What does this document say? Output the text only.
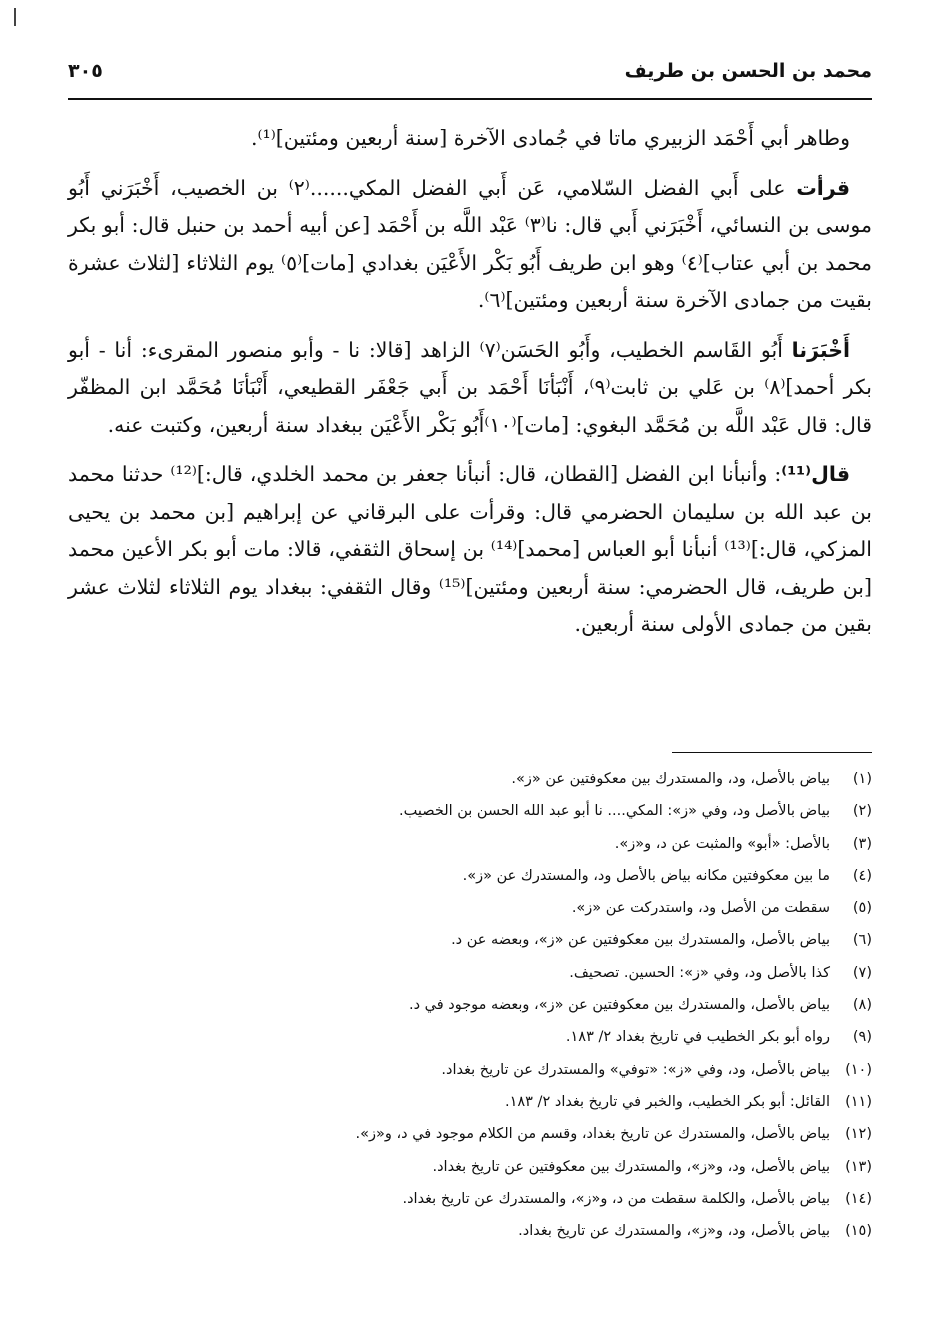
محمد بن الحسن بن طريف
٣٠٥

وطاهر أبي أَحْمَد الزبيري ماتا في جُمادى الآخرة [سنة أربعين ومئتين]⁽¹⁾.

قرأت على أَبي الفضل السّلامي، عَن أَبي الفضل المكي......⁽٢⁾ بن الخصيب، أَخْبَرَني أَبُو موسى بن النسائي، أَخْبَرَني أَبي قال: نا⁽٣⁾ عَبْد اللَّه بن أَحْمَد [عن أبيه أحمد بن حنبل قال: أبو بكر محمد بن أبي عتاب]⁽٤⁾ وهو ابن طريف أَبُو بَكْر الأَعْيَن بغدادي [مات]⁽٥⁾ يوم الثلاثاء [لثلاث عشرة بقيت من جمادى الآخرة سنة أربعين ومئتين]⁽٦⁾.

أَخْبَرَنا أَبُو القَاسم الخطيب، وأَبُو الحَسَن⁽٧⁾ الزاهد [قالا: نا - وأبو منصور المقرىء: أنا - أبو بكر أحمد]⁽٨⁾ بن عَلي بن ثابت⁽٩⁾، أَنْبَأنَا أَحْمَد بن أَبي جَعْفَر القطيعي، أَنْبَأنَا مُحَمَّد ابن المظفّر قال: قال عَبْد اللَّه بن مُحَمَّد البغوي: [مات]⁽١٠⁾أَبُو بَكْر الأَعْيَن ببغداد سنة أربعين، وكتبت عنه.

قال⁽¹¹⁾: وأنبأنا ابن الفضل [القطان، قال: أنبأنا جعفر بن محمد الخلدي، قال:]⁽¹²⁾ حدثنا محمد بن عبد الله بن سليمان الحضرمي قال: وقرأت على البرقاني عن إبراهيم [بن محمد بن يحيى المزكي، قال:]⁽¹³⁾ أنبأنا أبو العباس [محمد]⁽¹⁴⁾ بن إسحاق الثقفي، قالا: مات أبو بكر الأعين محمد [بن طريف، قال الحضرمي: سنة أربعين ومئتين]⁽¹⁵⁾ وقال الثقفي: ببغداد يوم الثلاثاء لثلاث عشر بقين من جمادى الأولى سنة أربعين.

(١)
بياض بالأصل، ود، والمستدرك بين معكوفتين عن «ز».
(٢)
بياض بالأصل ود، وفي «ز»: المكي.... نا أبو عبد الله الحسن بن الخصيب.
(٣)
بالأصل: «أبو» والمثبت عن د، و«ز».
(٤)
ما بين معكوفتين مكانه بياض بالأصل ود، والمستدرك عن «ز».
(٥)
سقطت من الأصل ود، واستدركت عن «ز».
(٦)
بياض بالأصل، والمستدرك بين معكوفتين عن «ز»، وبعضه عن د.
(٧)
كذا بالأصل ود، وفي «ز»: الحسين. تصحيف.
(٨)
بياض بالأصل، والمستدرك بين معكوفتين عن «ز»، وبعضه موجود في د.
(٩)
رواه أبو بكر الخطيب في تاريخ بغداد ٢/ ١٨٣.
(١٠)
بياض بالأصل، ود، وفي «ز»: «توفي» والمستدرك عن تاريخ بغداد.
(١١)
القائل: أبو بكر الخطيب، والخبر في تاريخ بغداد ٢/ ١٨٣.
(١٢)
بياض بالأصل، والمستدرك عن تاريخ بغداد، وقسم من الكلام موجود في د، و«ز».
(١٣)
بياض بالأصل، ود، و«ز»، والمستدرك بين معكوفتين عن تاريخ بغداد.
(١٤)
بياض بالأصل، والكلمة سقطت من د، و«ز»، والمستدرك عن تاريخ بغداد.
(١٥)
بياض بالأصل، ود، و«ز»، والمستدرك عن تاريخ بغداد.
